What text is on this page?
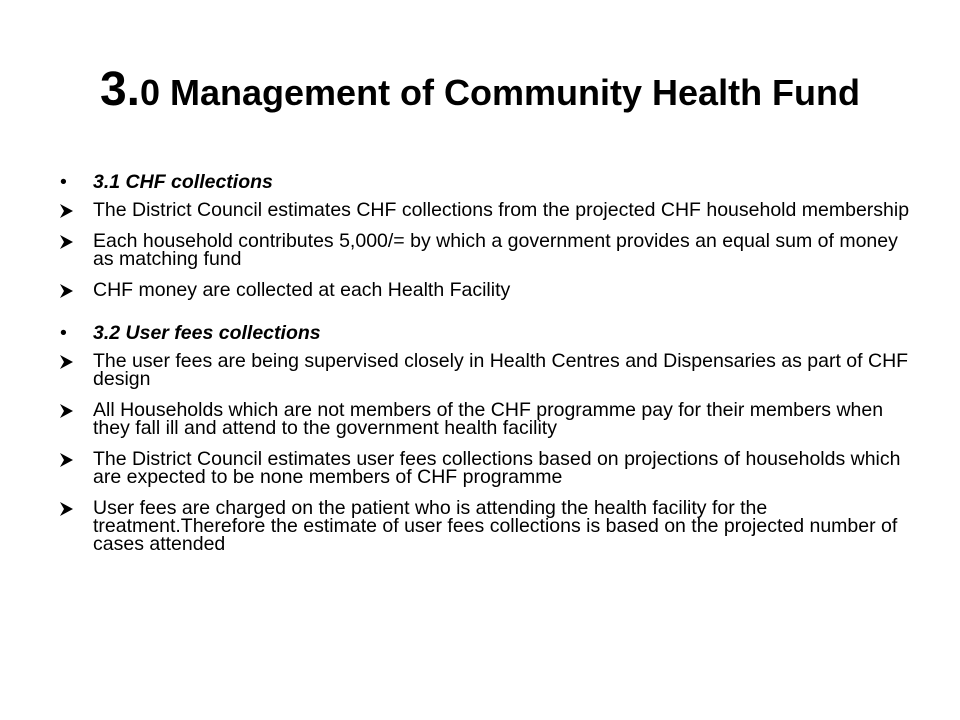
3.0 Management of Community Health Fund
• 3.1 CHF collections
The District Council estimates CHF collections from the projected CHF household membership
Each household contributes 5,000/= by which a government provides an equal sum of money as matching fund
CHF money are collected at each Health Facility
• 3.2 User fees collections
The user fees are being supervised closely in Health Centres and Dispensaries as part of CHF design
All Households which are not members of the CHF programme pay for their members when they fall ill and attend to the government health facility
The District Council estimates user fees collections based on projections of households which are expected to be none members of CHF programme
User fees are charged on the patient who is attending the health facility for the treatment.Therefore the estimate of user fees collections is based on the projected number of cases attended
